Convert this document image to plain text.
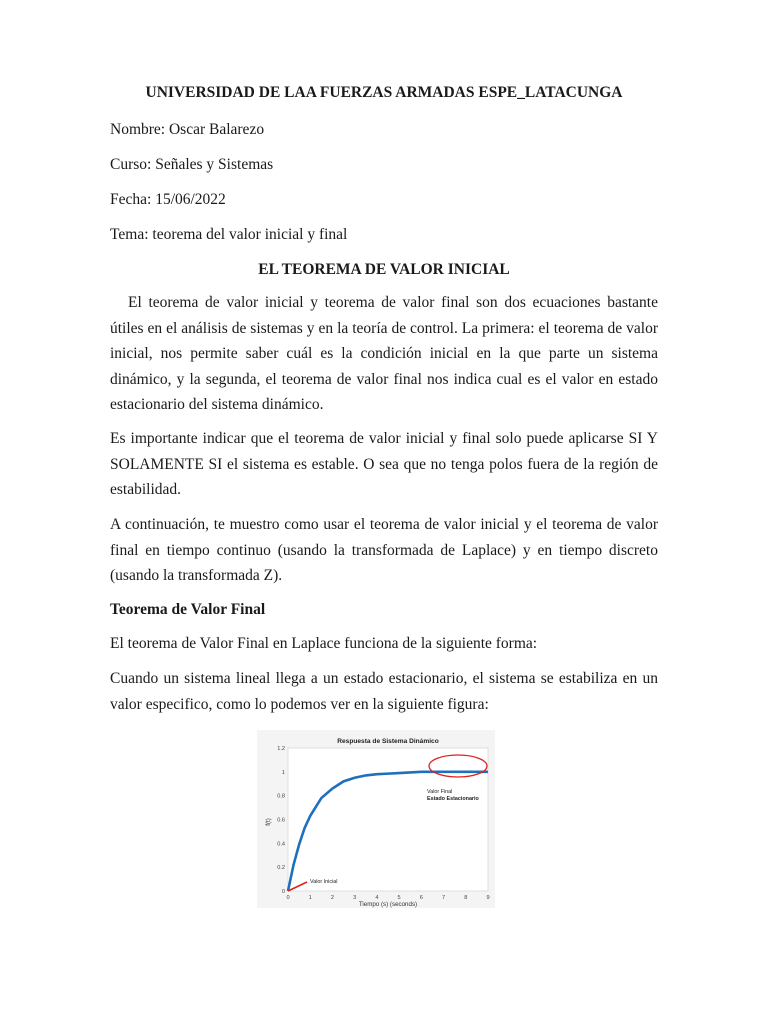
UNIVERSIDAD DE LAA FUERZAS ARMADAS ESPE_LATACUNGA
Nombre: Oscar Balarezo
Curso: Señales y Sistemas
Fecha: 15/06/2022
Tema: teorema del valor inicial y final
EL TEOREMA DE VALOR INICIAL
El teorema de valor inicial y teorema de valor final son dos ecuaciones bastante útiles en el análisis de sistemas y en la teoría de control. La primera: el teorema de valor inicial, nos permite saber cuál es la condición inicial en la que parte un sistema dinámico, y la segunda, el teorema de valor final nos indica cual es el valor en estado estacionario del sistema dinámico.
Es importante indicar que el teorema de valor inicial y final solo puede aplicarse SI Y SOLAMENTE SI el sistema es estable. O sea que no tenga polos fuera de la región de estabilidad.
A continuación, te muestro como usar el teorema de valor inicial y el teorema de valor final en tiempo continuo (usando la transformada de Laplace) y en tiempo discreto (usando la transformada Z).
Teorema de Valor Final
El teorema de Valor Final en Laplace funciona de la siguiente forma:
Cuando un sistema lineal llega a un estado estacionario, el sistema se estabiliza en un valor especifico, como lo podemos ver en la siguiente figura:
Respuesta de Sistema Dinámico
Tiempo (s) (seconds)
f(t)
0	1	2	3	4	5	6	7	8	9
0
0.2
0.4
0.6
0.8
1
1.2
Valor Final
Estado Estacionario
Valor Inicial
